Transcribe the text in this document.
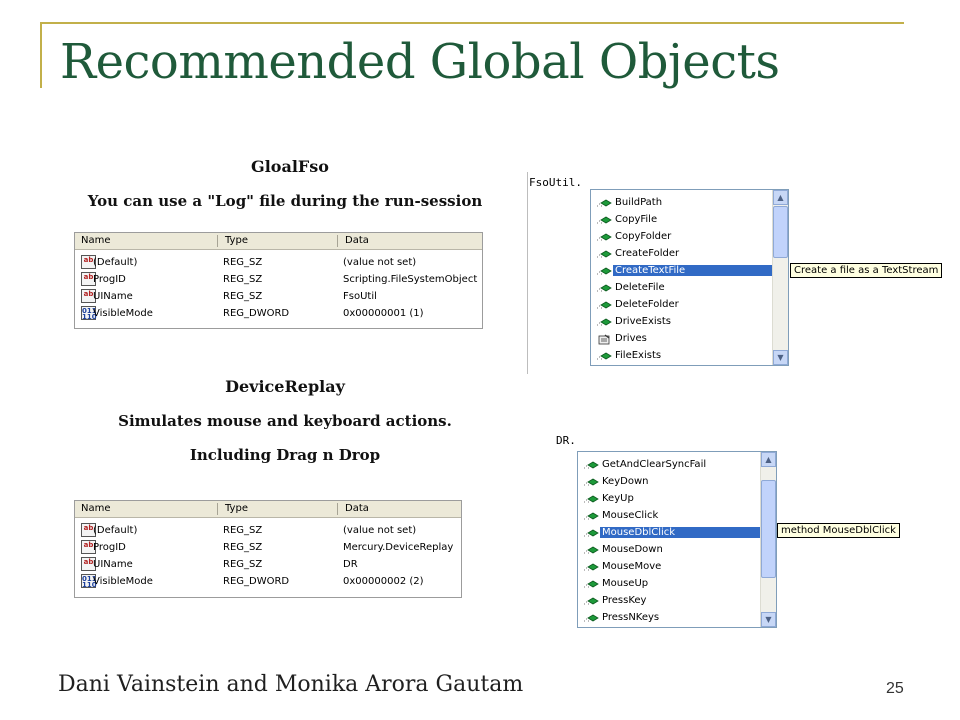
Recommended Global Objects
GloalFso
You can use a "Log" file during the run-session
Name	Type	Data
ab (Default)	REG_SZ	(value not set)
ab ProgID	REG_SZ	Scripting.FileSystemObject
ab UIName	REG_SZ	FsoUtil
011
110
VisibleMode	REG_DWORD	0x00000001 (1)
FsoUtil.
BuildPath
CopyFile
CopyFolder
CreateFolder
CreateTextFile
DeleteFile
DeleteFolder
DriveExists
Drives
FileExists
▲
▼
Create a file as a TextStream
DeviceReplay
Simulates mouse and keyboard actions.
Including Drag n Drop
Name	Type	Data
ab (Default)	REG_SZ	(value not set)
ab ProgID	REG_SZ	Mercury.DeviceReplay
ab UIName	REG_SZ	DR
011
110
VisibleMode	REG_DWORD	0x00000002 (2)
DR.
GetAndClearSyncFail
KeyDown
KeyUp
MouseClick
MouseDblClick
MouseDown
MouseMove
MouseUp
PressKey
PressNKeys
▲
▼
method MouseDblClick
Dani Vainstein and Monika Arora Gautam	25
